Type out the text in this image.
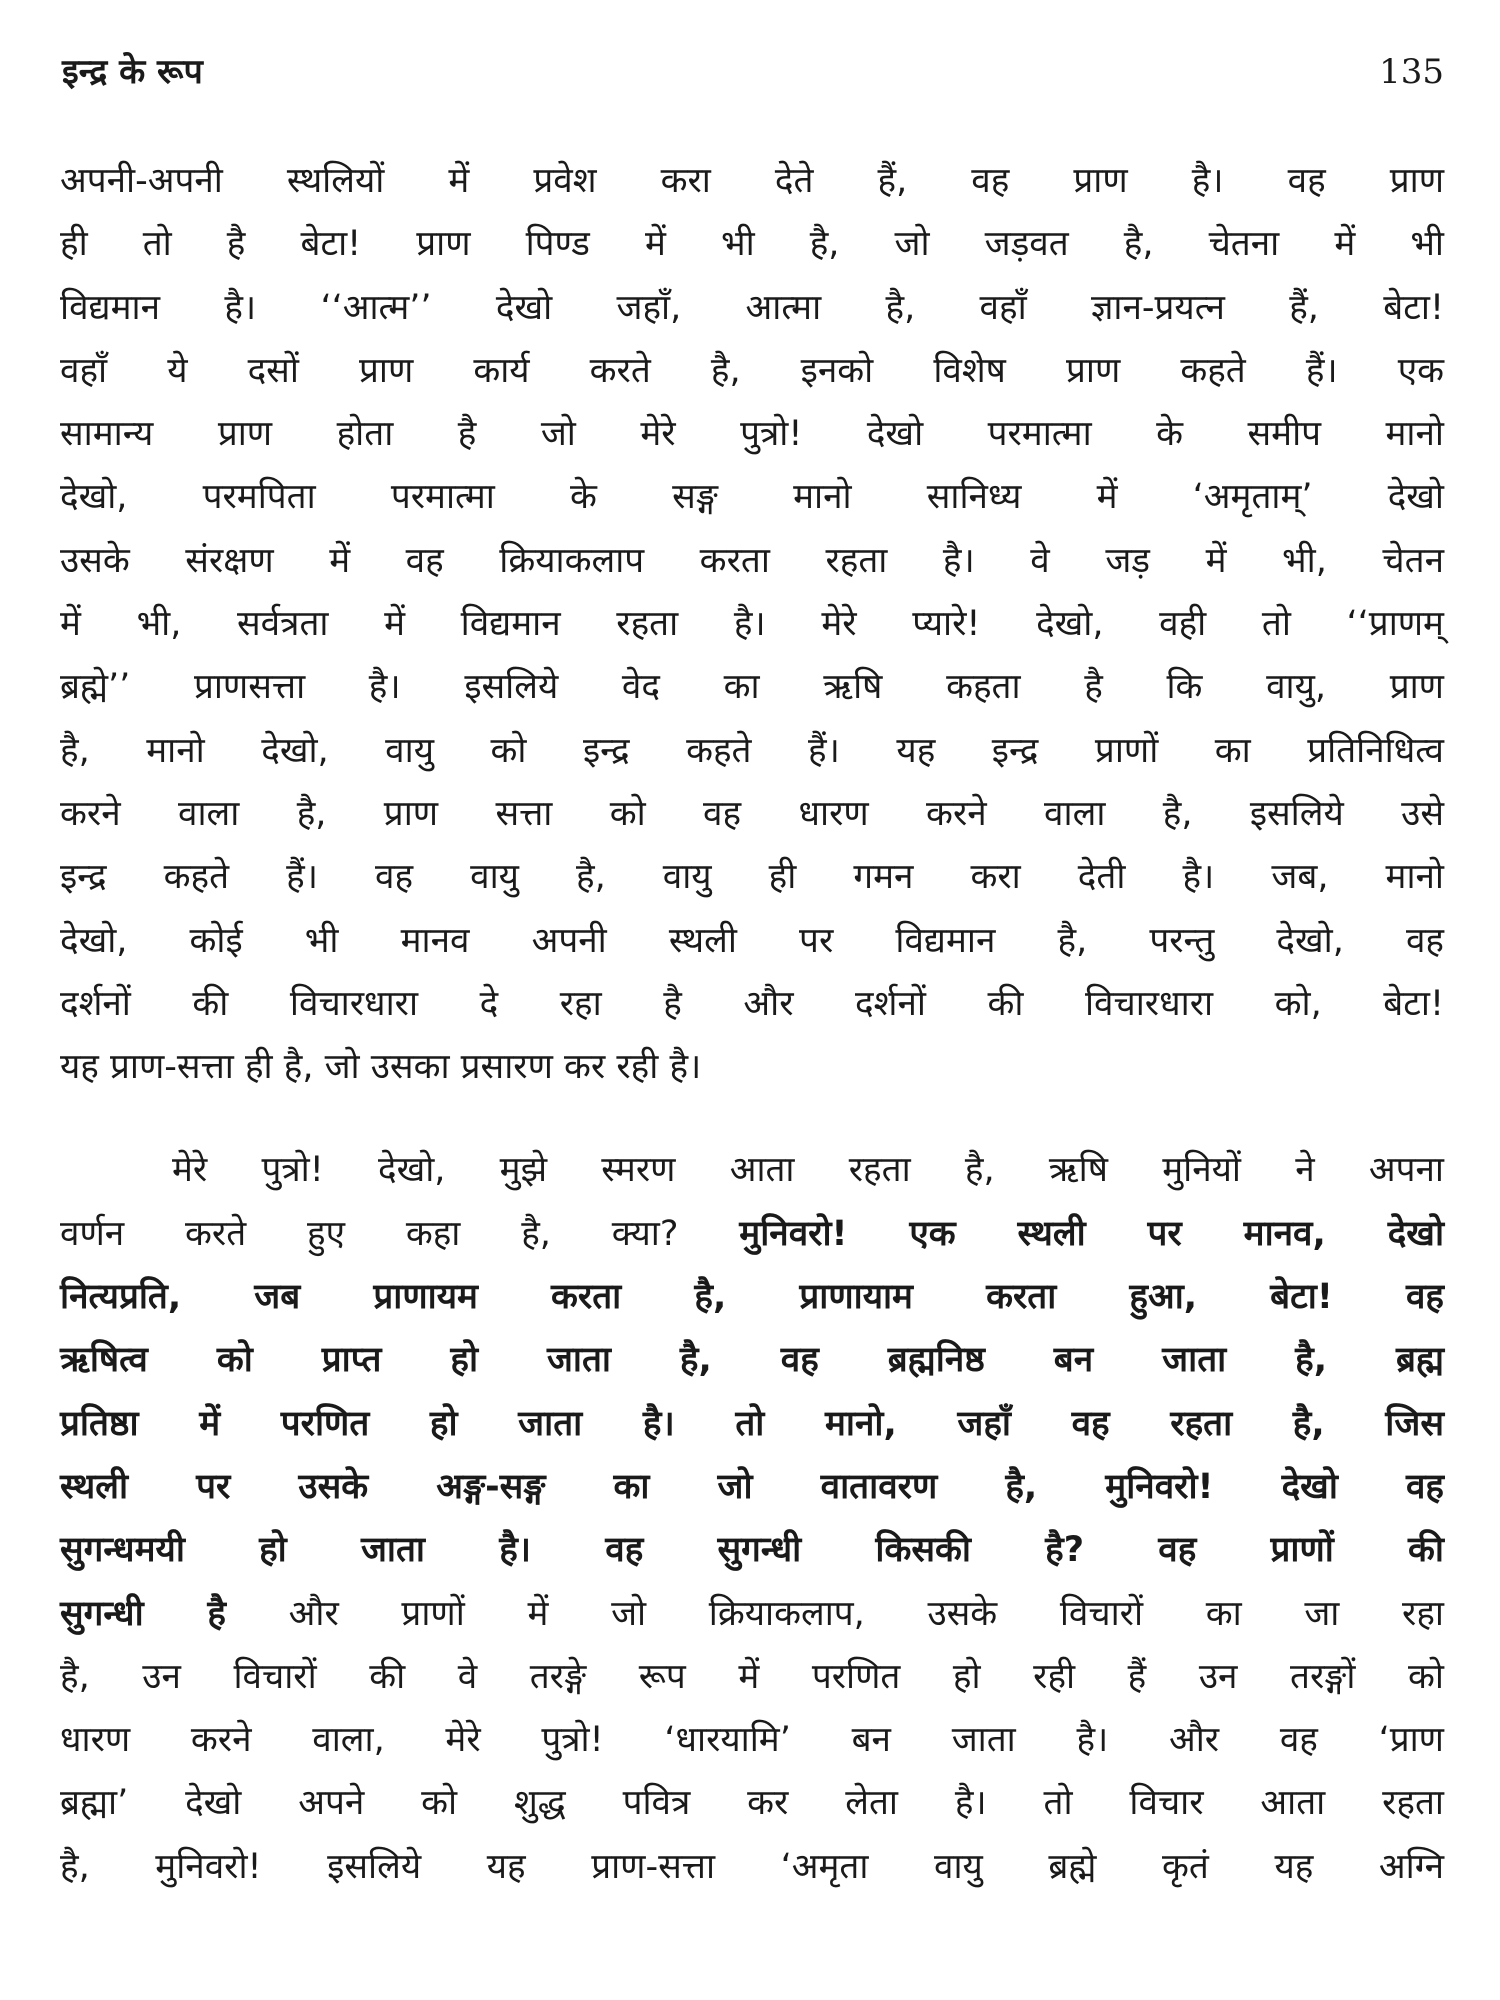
इन्द्र के रूप	135
अपनी-अपनी स्थलियों में प्रवेश करा देते हैं, वह प्राण है। वह प्राण
ही तो है बेटा! प्राण पिण्ड में भी है, जो जड़वत है, चेतना में भी
विद्यमान है। ‘‘आत्म’’ देखो जहाँ, आत्मा है, वहाँ ज्ञान-प्रयत्न हैं, बेटा!
वहाँ ये दसों प्राण कार्य करते है, इनको विशेष प्राण कहते हैं। एक
सामान्य प्राण होता है जो मेरे पुत्रो! देखो परमात्मा के समीप मानो
देखो, परमपिता परमात्मा के सङ्ग मानो सानिध्य में ‘अमृताम्’ देखो
उसके संरक्षण में वह क्रियाकलाप करता रहता है। वे जड़ में भी, चेतन
में भी, सर्वत्रता में विद्यमान रहता है। मेरे प्यारे! देखो, वही तो ‘‘प्राणम्
ब्रह्मे’’ प्राणसत्ता है। इसलिये वेद का ऋषि कहता है कि वायु, प्राण
है, मानो देखो, वायु को इन्द्र कहते हैं। यह इन्द्र प्राणों का प्रतिनिधित्व
करने वाला है, प्राण सत्ता को वह धारण करने वाला है, इसलिये उसे
इन्द्र कहते हैं। वह वायु है, वायु ही गमन करा देती है। जब, मानो
देखो, कोई भी मानव अपनी स्थली पर विद्यमान है, परन्तु देखो, वह
दर्शनों की विचारधारा दे रहा है और दर्शनों की विचारधारा को, बेटा!
यह प्राण-सत्ता ही है, जो उसका प्रसारण कर रही है।
मेरे पुत्रो! देखो, मुझे स्मरण आता रहता है, ऋषि मुनियों ने अपना
वर्णन करते हुए कहा है, क्या? मुनिवरो! एक स्थली पर मानव, देखो
नित्यप्रति, जब प्राणायम करता है, प्राणायाम करता हुआ, बेटा! वह
ऋषित्व को प्राप्त हो जाता है, वह ब्रह्मनिष्ठ बन जाता है, ब्रह्म
प्रतिष्ठा में परणित हो जाता है। तो मानो, जहाँ वह रहता है, जिस
स्थली पर उसके अङ्ग-सङ्ग का जो वातावरण है, मुनिवरो! देखो वह
सुगन्धमयी हो जाता है। वह सुगन्धी किसकी है? वह प्राणों की
सुगन्धी है और प्राणों में जो क्रियाकलाप, उसके विचारों का जा रहा
है, उन विचारों की वे तरङ्गे रूप में परणित हो रही हैं उन तरङ्गों को
धारण करने वाला, मेरे पुत्रो! ‘धारयामि’ बन जाता है। और वह ‘प्राण
ब्रह्मा’ देखो अपने को शुद्ध पवित्र कर लेता है। तो विचार आता रहता
है, मुनिवरो! इसलिये यह प्राण-सत्ता ‘अमृता वायु ब्रह्मे कृतं यह अग्नि
